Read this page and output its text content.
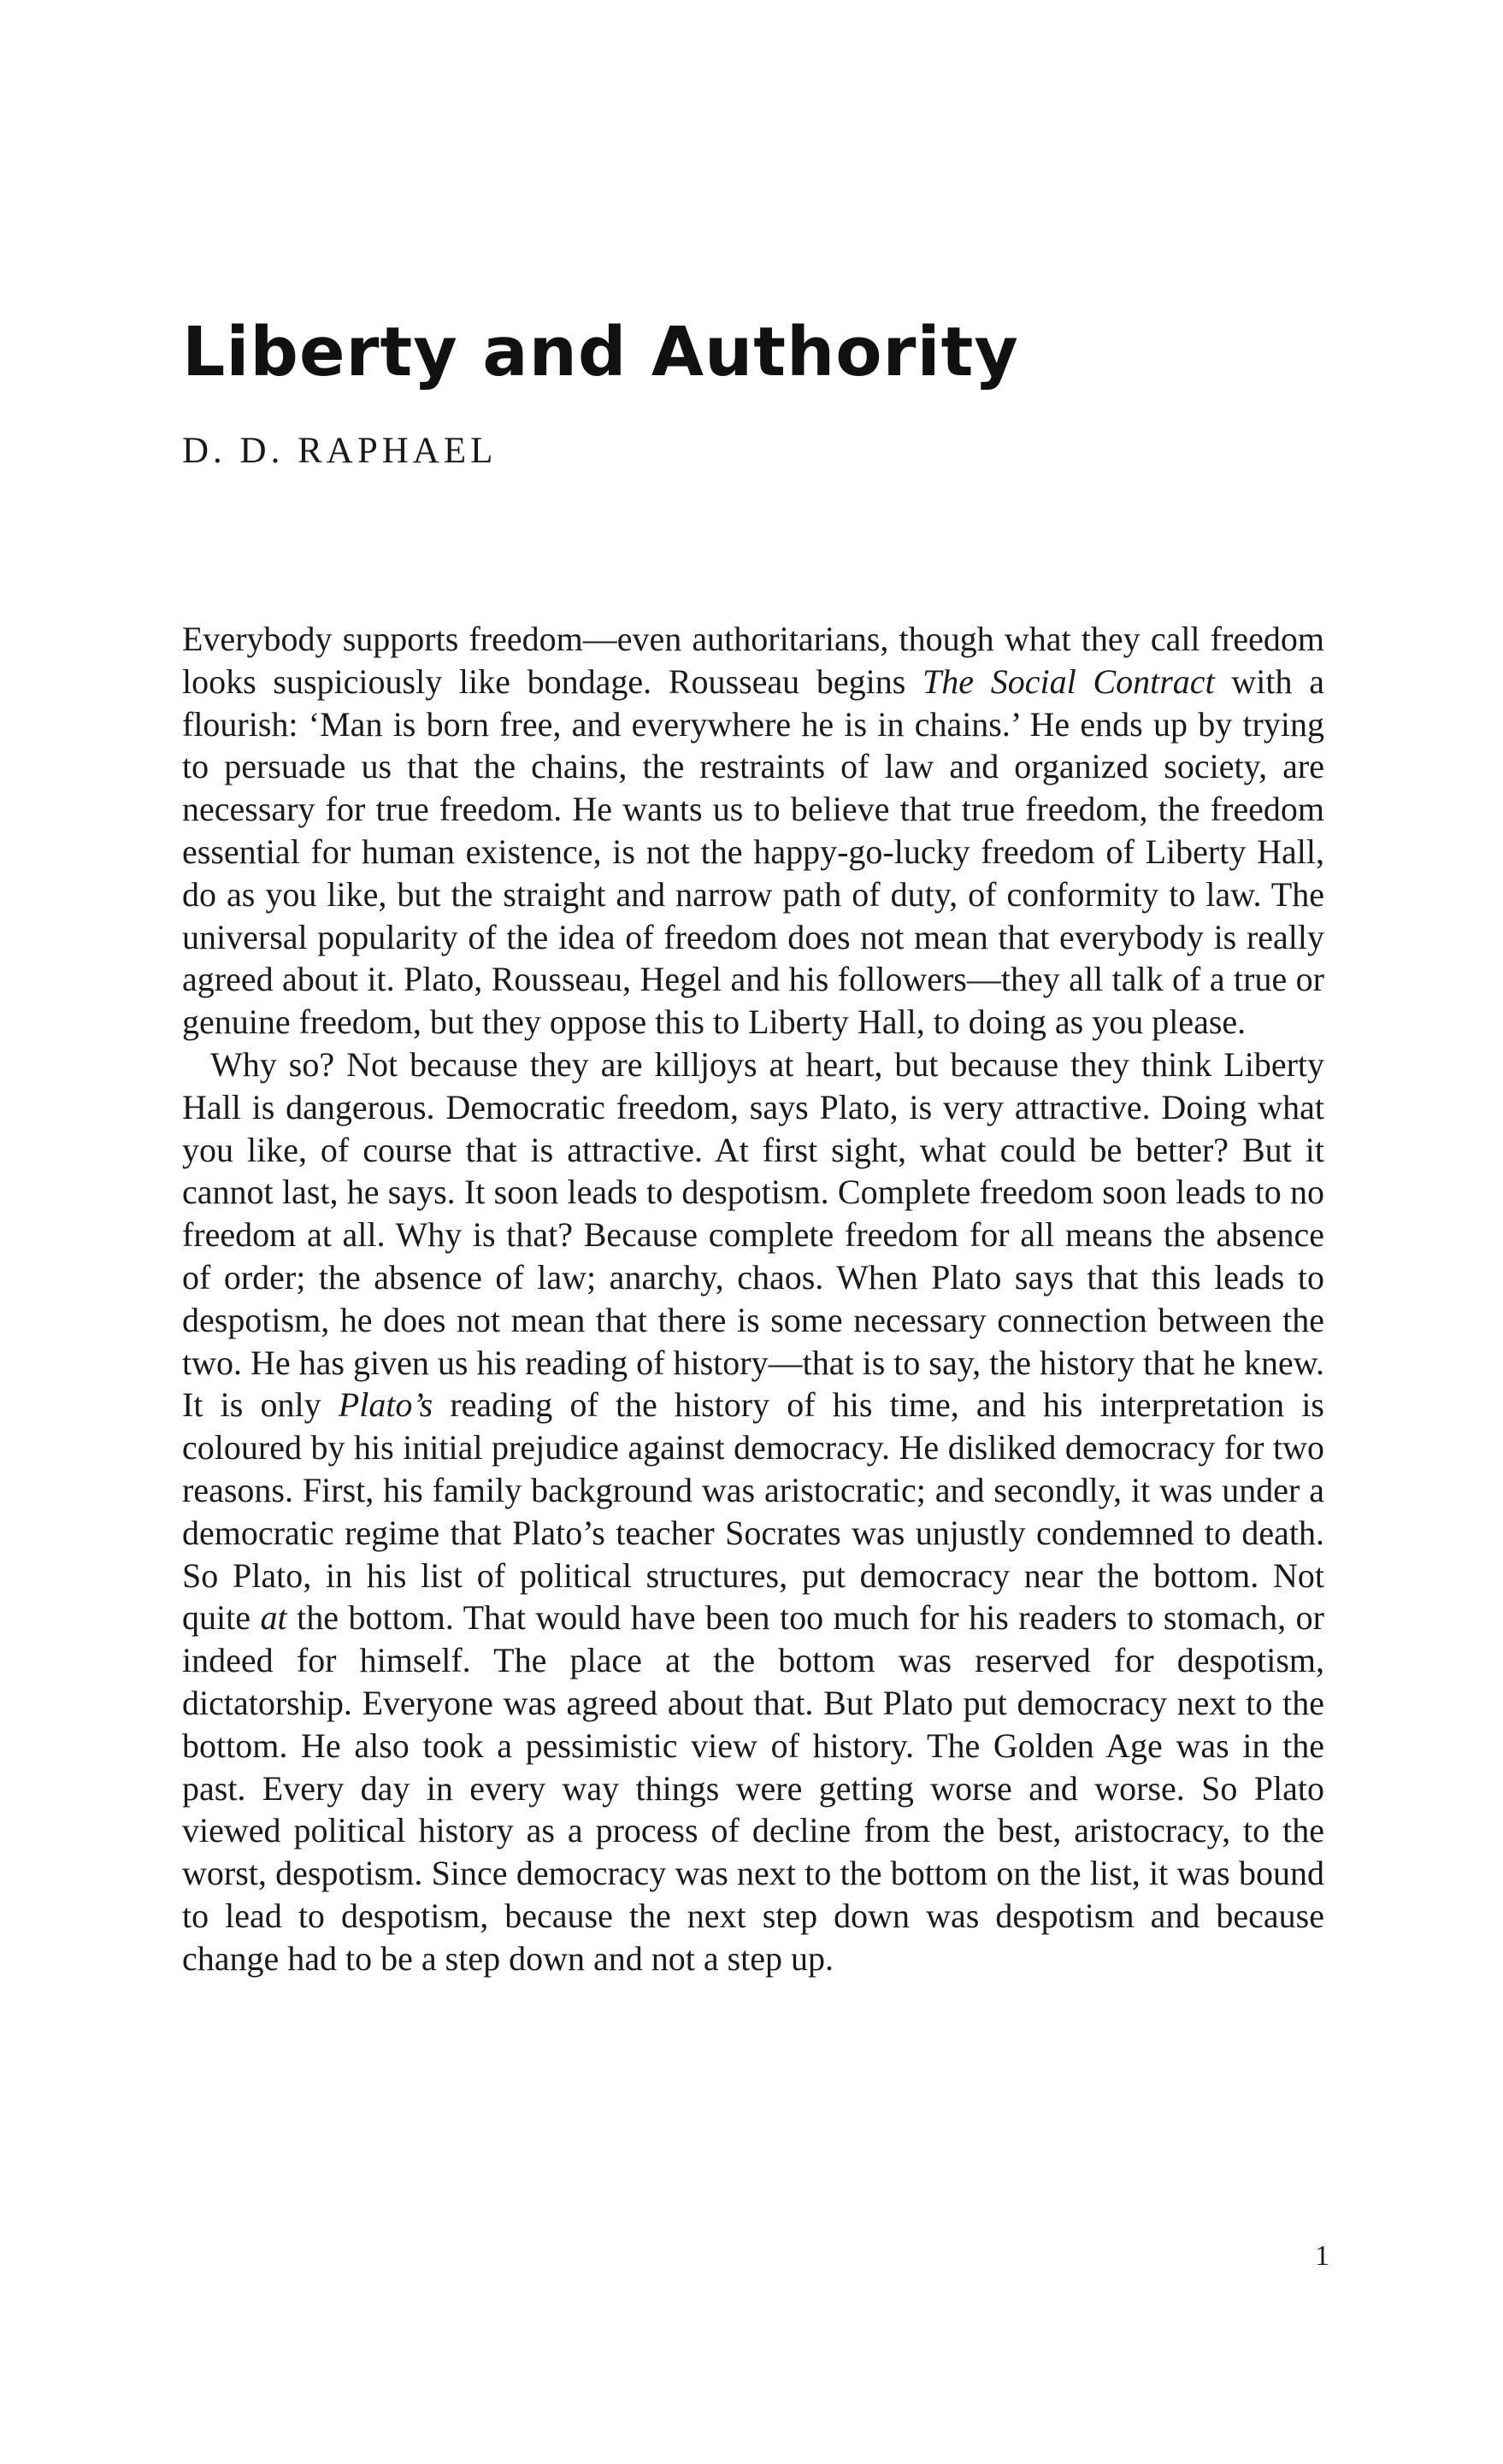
Liberty and Authority
D. D. RAPHAEL

Everybody supports freedom—even authoritarians, though what they call freedom looks suspiciously like bondage. Rousseau begins The Social Contract with a flourish: ‘Man is born free, and everywhere he is in chains.’ He ends up by trying to persuade us that the chains, the restraints of law and organized society, are necessary for true freedom. He wants us to believe that true freedom, the freedom essential for human existence, is not the happy-go-lucky freedom of Liberty Hall, do as you like, but the straight and narrow path of duty, of conformity to law. The universal popularity of the idea of freedom does not mean that everybody is really agreed about it. Plato, Rousseau, Hegel and his followers—they all talk of a true or genuine freedom, but they oppose this to Liberty Hall, to doing as you please.

Why so? Not because they are killjoys at heart, but because they think Liberty Hall is dangerous. Democratic freedom, says Plato, is very attractive. Doing what you like, of course that is attractive. At first sight, what could be better? But it cannot last, he says. It soon leads to despotism. Complete freedom soon leads to no freedom at all. Why is that? Because complete freedom for all means the absence of order; the absence of law; anarchy, chaos. When Plato says that this leads to despotism, he does not mean that there is some necessary connection between the two. He has given us his reading of history—that is to say, the history that he knew. It is only Plato’s reading of the history of his time, and his interpretation is coloured by his initial prejudice against democracy. He disliked democracy for two reasons. First, his family background was aristocratic; and secondly, it was under a democratic regime that Plato’s teacher Socrates was unjustly condemned to death. So Plato, in his list of political structures, put democracy near the bottom. Not quite at the bottom. That would have been too much for his readers to stomach, or indeed for himself. The place at the bottom was reserved for despotism, dictatorship. Everyone was agreed about that. But Plato put democracy next to the bottom. He also took a pessimistic view of history. The Golden Age was in the past. Every day in every way things were getting worse and worse. So Plato viewed political history as a process of decline from the best, aristocracy, to the worst, despotism. Since democracy was next to the bottom on the list, it was bound to lead to despotism, because the next step down was despotism and because change had to be a step down and not a step up.

1
